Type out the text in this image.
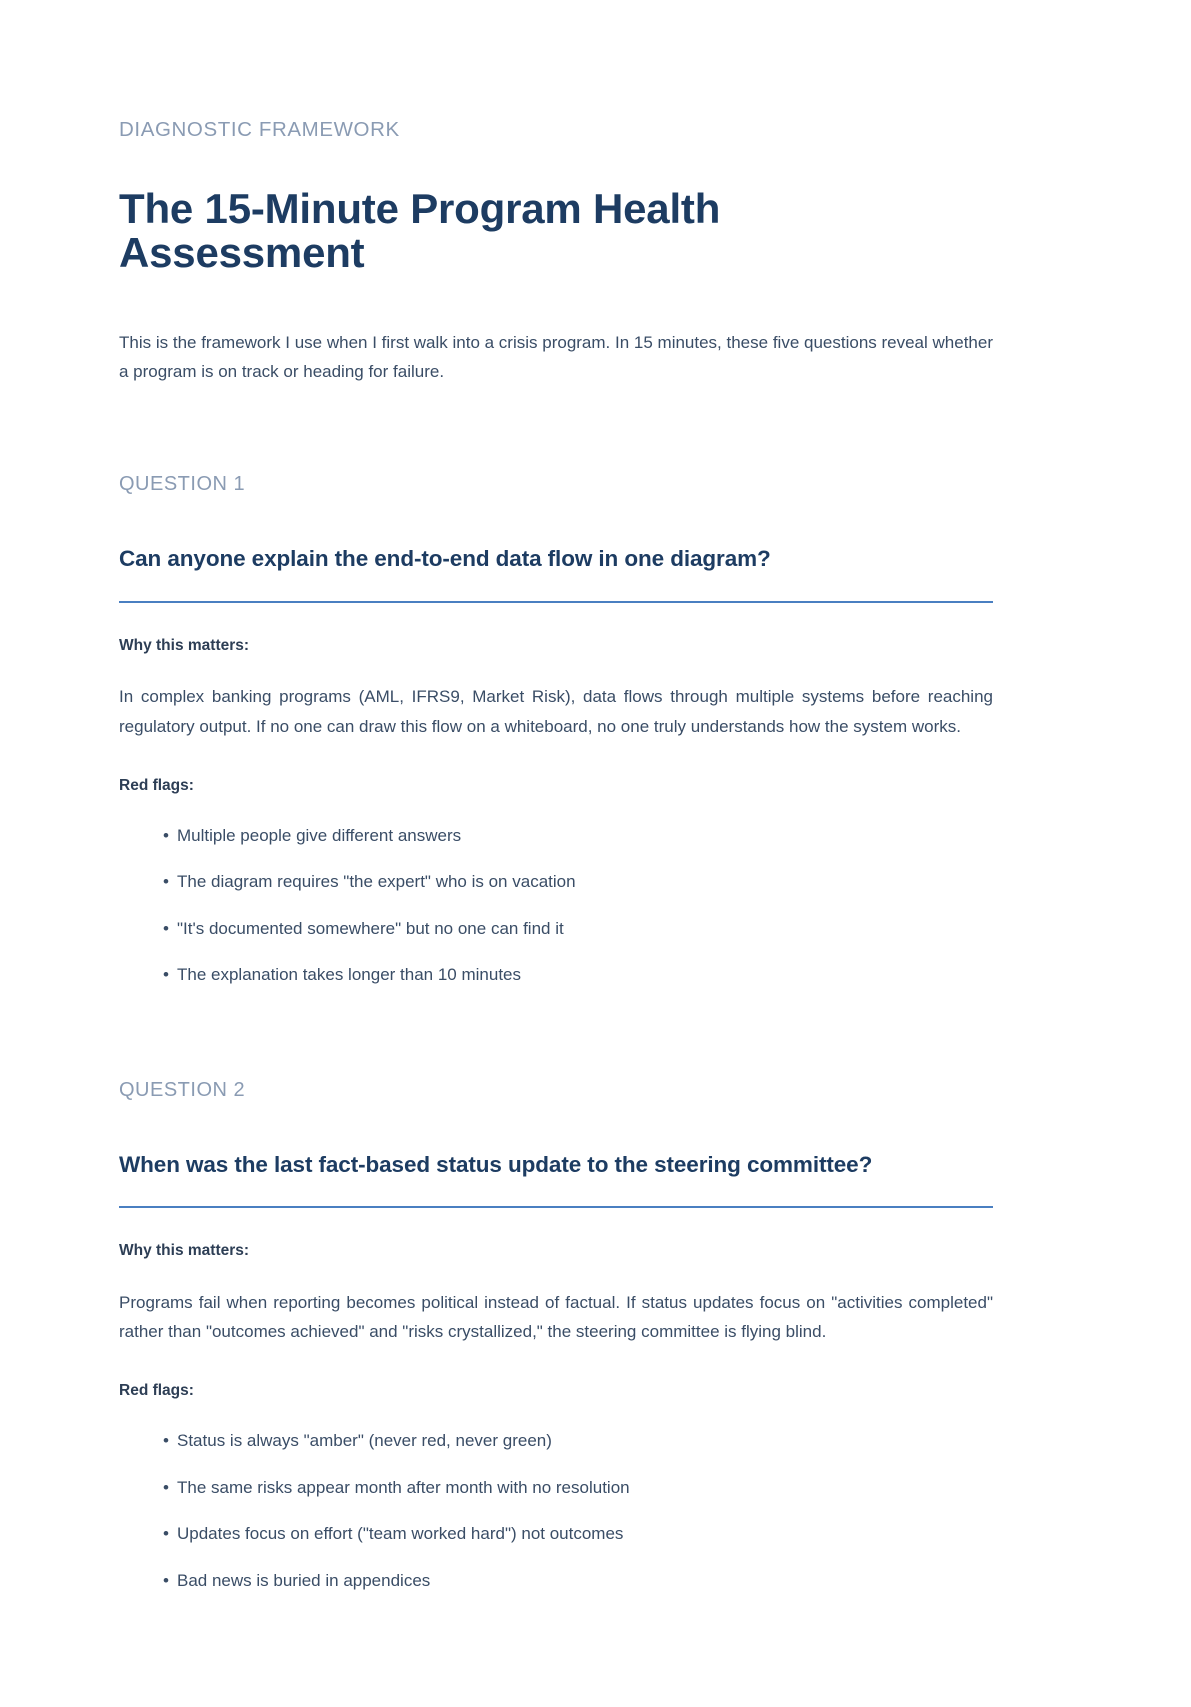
DIAGNOSTIC FRAMEWORK
The 15-Minute Program Health Assessment

This is the framework I use when I first walk into a crisis program. In 15 minutes, these five questions reveal whether a program is on track or heading for failure.

QUESTION 1
Can anyone explain the end-to-end data flow in one diagram?
Why this matters:

In complex banking programs (AML, IFRS9, Market Risk), data flows through multiple systems before reaching regulatory output. If no one can draw this flow on a whiteboard, no one truly understands how the system works.

Red flags:
• Multiple people give different answers
• The diagram requires "the expert" who is on vacation
• "It's documented somewhere" but no one can find it
• The explanation takes longer than 10 minutes
QUESTION 2
When was the last fact-based status update to the steering committee?
Why this matters:

Programs fail when reporting becomes political instead of factual. If status updates focus on "activities completed" rather than "outcomes achieved" and "risks crystallized," the steering committee is flying blind.

Red flags:
• Status is always "amber" (never red, never green)
• The same risks appear month after month with no resolution
• Updates focus on effort ("team worked hard") not outcomes
• Bad news is buried in appendices
